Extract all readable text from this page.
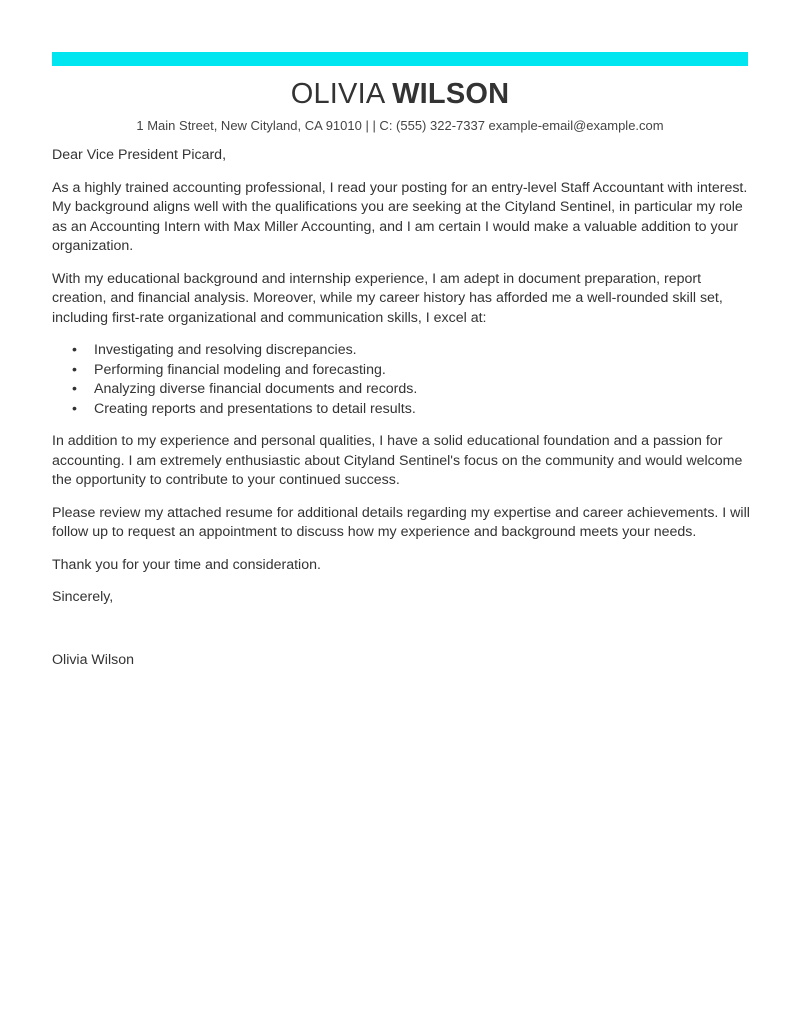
OLIVIA WILSON
1 Main Street, New Cityland, CA 91010 | | C: (555) 322-7337 example-email@example.com

Dear Vice President Picard,

As a highly trained accounting professional, I read your posting for an entry-level Staff Accountant with interest. My background aligns well with the qualifications you are seeking at the Cityland Sentinel, in particular my role as an Accounting Intern with Max Miller Accounting, and I am certain I would make a valuable addition to your organization.

With my educational background and internship experience, I am adept in document preparation, report creation, and financial analysis. Moreover, while my career history has afforded me a well-rounded skill set, including first-rate organizational and communication skills, I excel at:

• Investigating and resolving discrepancies.
• Performing financial modeling and forecasting.
• Analyzing diverse financial documents and records.
• Creating reports and presentations to detail results.

In addition to my experience and personal qualities, I have a solid educational foundation and a passion for accounting. I am extremely enthusiastic about Cityland Sentinel's focus on the community and would welcome the opportunity to contribute to your continued success.

Please review my attached resume for additional details regarding my expertise and career achievements. I will follow up to request an appointment to discuss how my experience and background meets your needs.

Thank you for your time and consideration.

Sincerely,

Olivia Wilson
